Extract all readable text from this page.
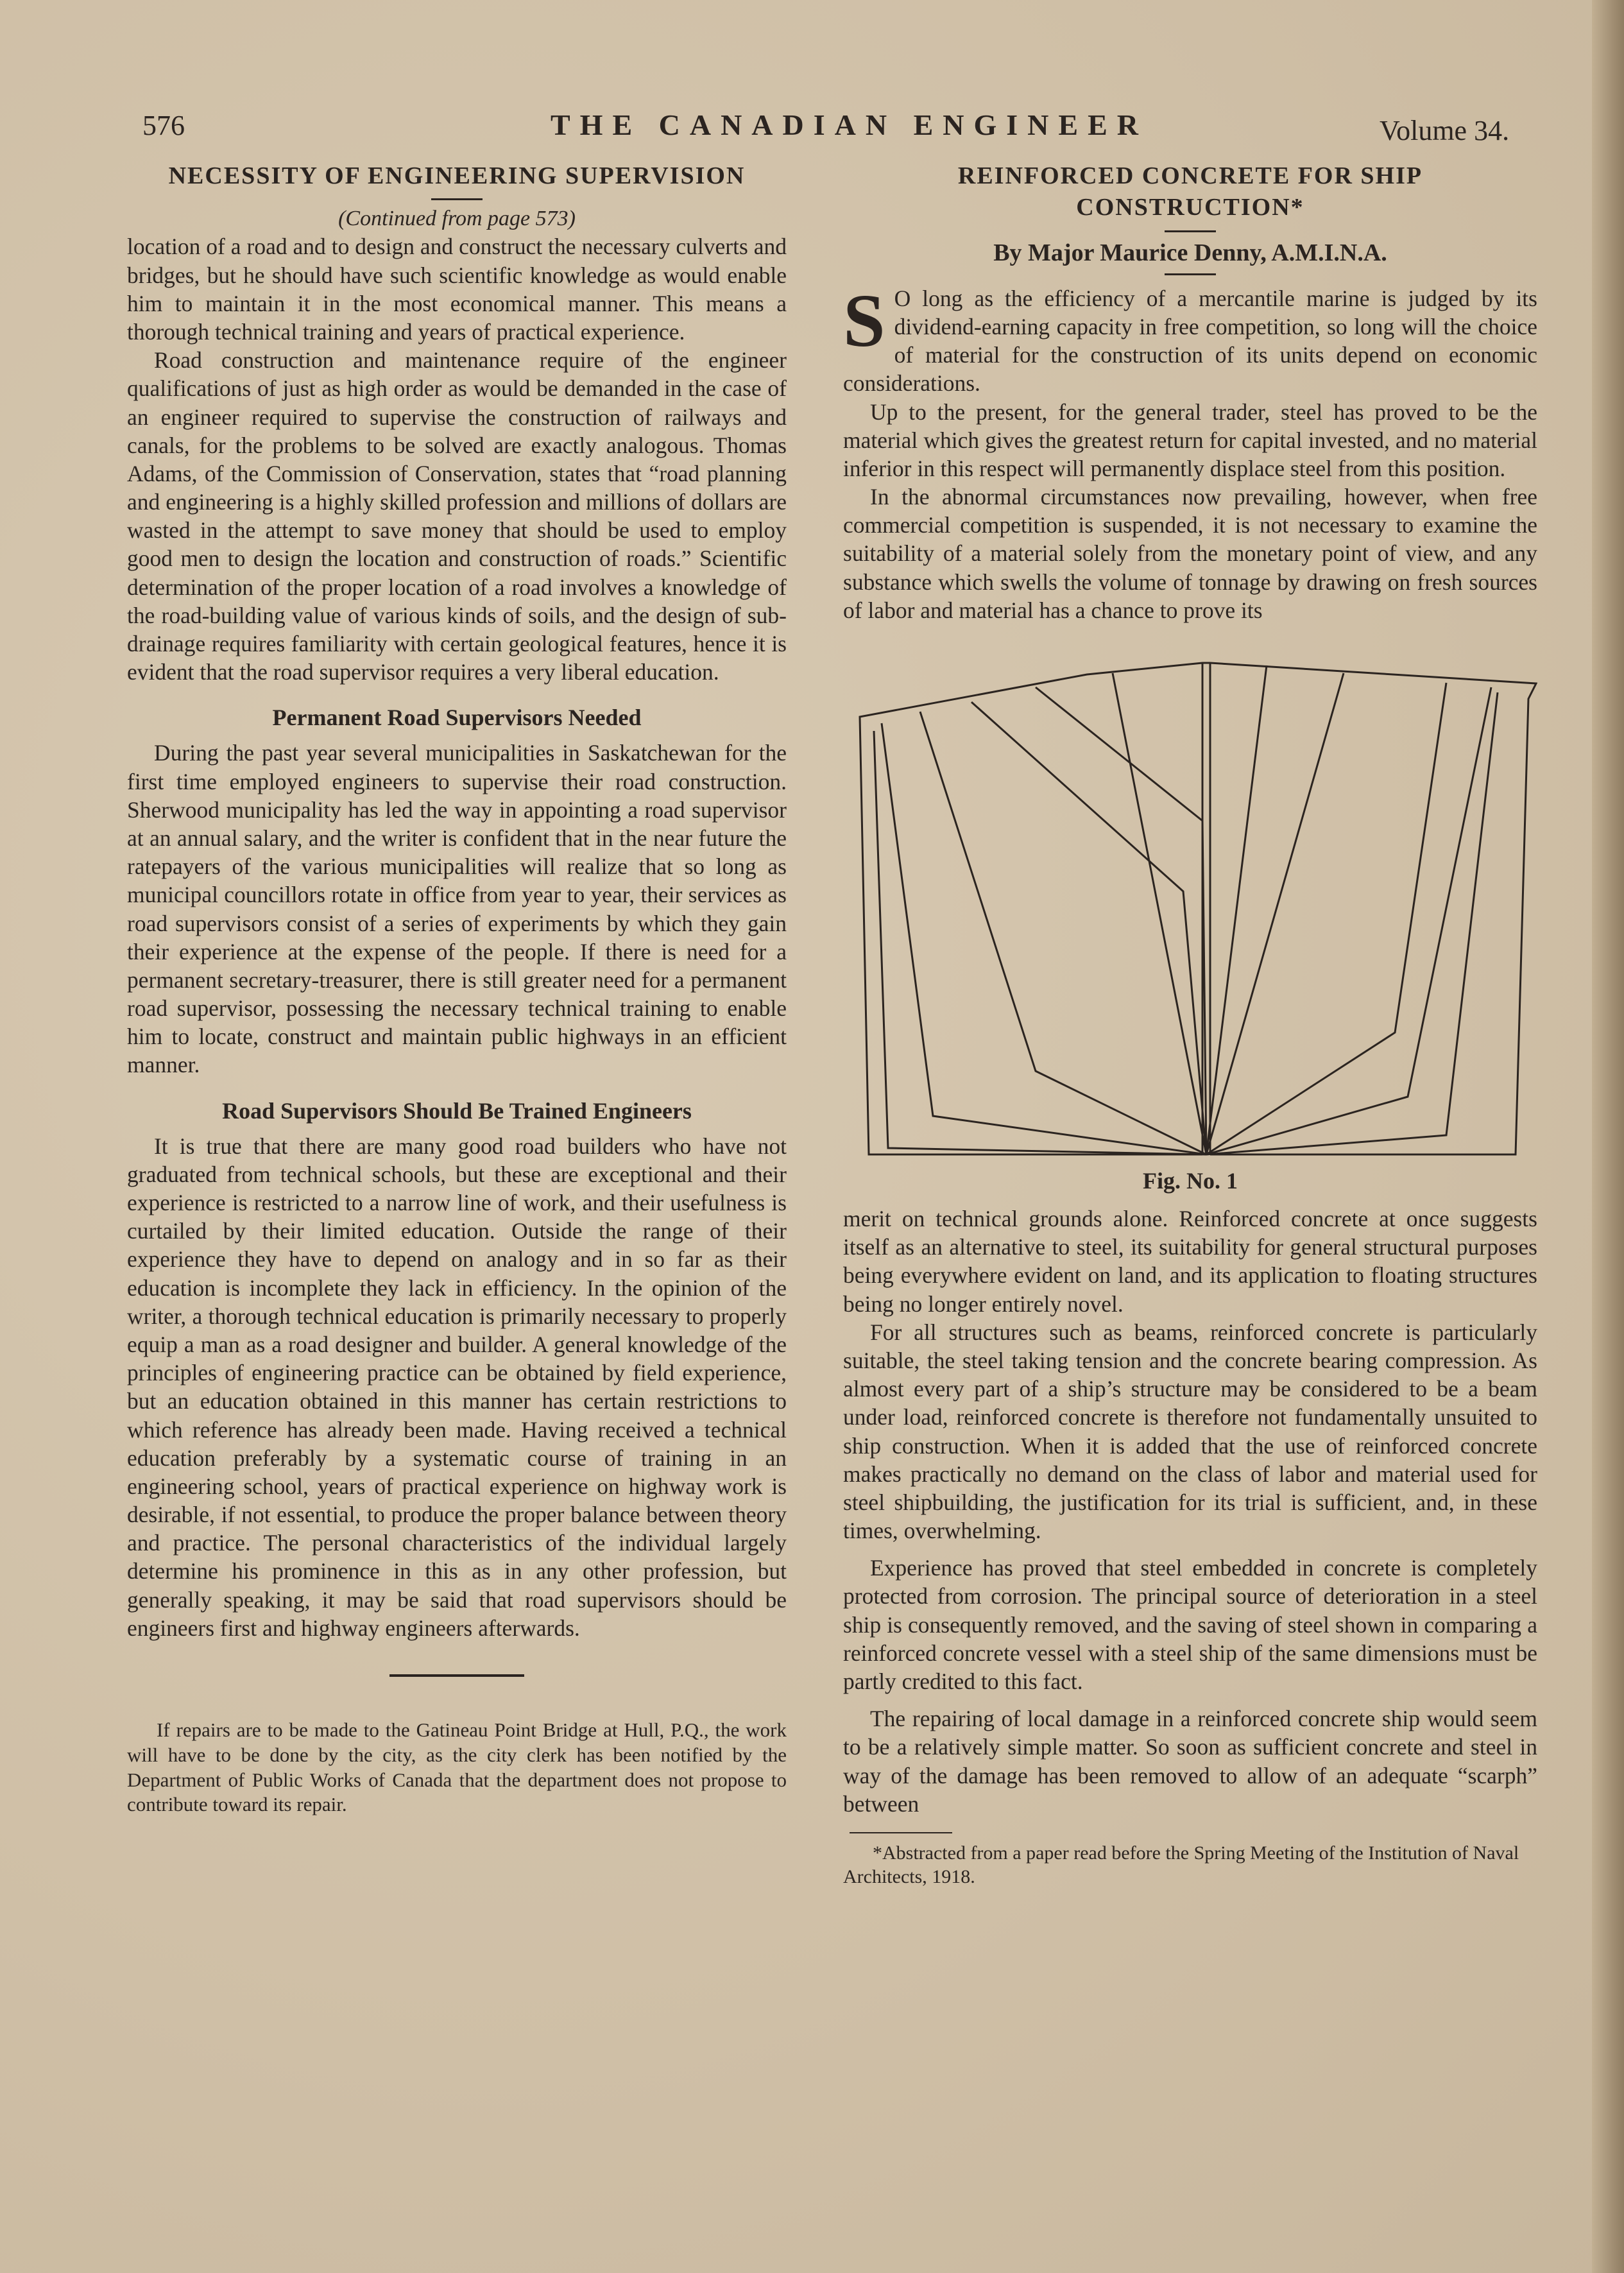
576	THE CANADIAN ENGINEER	Volume 34.
NECESSITY OF ENGINEERING SUPERVISION
(Continued from page 573)

location of a road and to design and construct the necessary culverts and bridges, but he should have such scientific knowledge as would enable him to maintain it in the most economical manner. This means a thorough technical training and years of practical experience.

Road construction and maintenance require of the engineer qualifications of just as high order as would be demanded in the case of an engineer required to supervise the construction of railways and canals, for the problems to be solved are exactly analogous. Thomas Adams, of the Commission of Conservation, states that “road planning and engineering is a highly skilled profession and millions of dollars are wasted in the attempt to save money that should be used to employ good men to design the location and construction of roads.” Scientific determination of the proper location of a road involves a knowledge of the road-building value of various kinds of soils, and the design of sub-drainage requires familiarity with certain geological features, hence it is evident that the road supervisor requires a very liberal education.

Permanent Road Supervisors Needed

During the past year several municipalities in Saskatchewan for the first time employed engineers to supervise their road construction. Sherwood municipality has led the way in appointing a road supervisor at an annual salary, and the writer is confident that in the near future the ratepayers of the various municipalities will realize that so long as municipal councillors rotate in office from year to year, their services as road supervisors consist of a series of experiments by which they gain their experience at the expense of the people. If there is need for a permanent secretary-treasurer, there is still greater need for a permanent road supervisor, possessing the necessary technical training to enable him to locate, construct and maintain public highways in an efficient manner.

Road Supervisors Should Be Trained Engineers

It is true that there are many good road builders who have not graduated from technical schools, but these are exceptional and their experience is restricted to a narrow line of work, and their usefulness is curtailed by their limited education. Outside the range of their experience they have to depend on analogy and in so far as their education is incomplete they lack in efficiency. In the opinion of the writer, a thorough technical education is primarily necessary to properly equip a man as a road designer and builder. A general knowledge of the principles of engineering practice can be obtained by field experience, but an education obtained in this manner has certain restrictions to which reference has already been made. Having received a technical education preferably by a systematic course of training in an engineering school, years of practical experience on highway work is desirable, if not essential, to produce the proper balance between theory and practice. The personal characteristics of the individual largely determine his prominence in this as in any other profession, but generally speaking, it may be said that road supervisors should be engineers first and highway engineers afterwards.

If repairs are to be made to the Gatineau Point Bridge at Hull, P.Q., the work will have to be done by the city, as the city clerk has been notified by the Department of Public Works of Canada that the department does not propose to contribute toward its repair.

REINFORCED CONCRETE FOR SHIP CONSTRUCTION*
By Major Maurice Denny, A.M.I.N.A.

S O long as the efficiency of a mercantile marine is judged by its dividend-earning capacity in free competition, so long will the choice of material for the construction of its units depend on economic considerations.

Up to the present, for the general trader, steel has proved to be the material which gives the greatest return for capital invested, and no material inferior in this respect will permanently displace steel from this position.

In the abnormal circumstances now prevailing, however, when free commercial competition is suspended, it is not necessary to examine the suitability of a material solely from the monetary point of view, and any substance which swells the volume of tonnage by drawing on fresh sources of labor and material has a chance to prove its

Fig. No. 1

merit on technical grounds alone. Reinforced concrete at once suggests itself as an alternative to steel, its suitability for general structural purposes being everywhere evident on land, and its application to floating structures being no longer entirely novel.

For all structures such as beams, reinforced concrete is particularly suitable, the steel taking tension and the concrete bearing compression. As almost every part of a ship’s structure may be considered to be a beam under load, reinforced concrete is therefore not fundamentally unsuited to ship construction. When it is added that the use of reinforced concrete makes practically no demand on the class of labor and material used for steel shipbuilding, the justification for its trial is sufficient, and, in these times, overwhelming.

Experience has proved that steel embedded in concrete is completely protected from corrosion. The principal source of deterioration in a steel ship is consequently removed, and the saving of steel shown in comparing a reinforced concrete vessel with a steel ship of the same dimensions must be partly credited to this fact.

The repairing of local damage in a reinforced concrete ship would seem to be a relatively simple matter. So soon as sufficient concrete and steel in way of the damage has been removed to allow of an adequate “scarph” between

*Abstracted from a paper read before the Spring Meeting of the Institution of Naval Architects, 1918.
